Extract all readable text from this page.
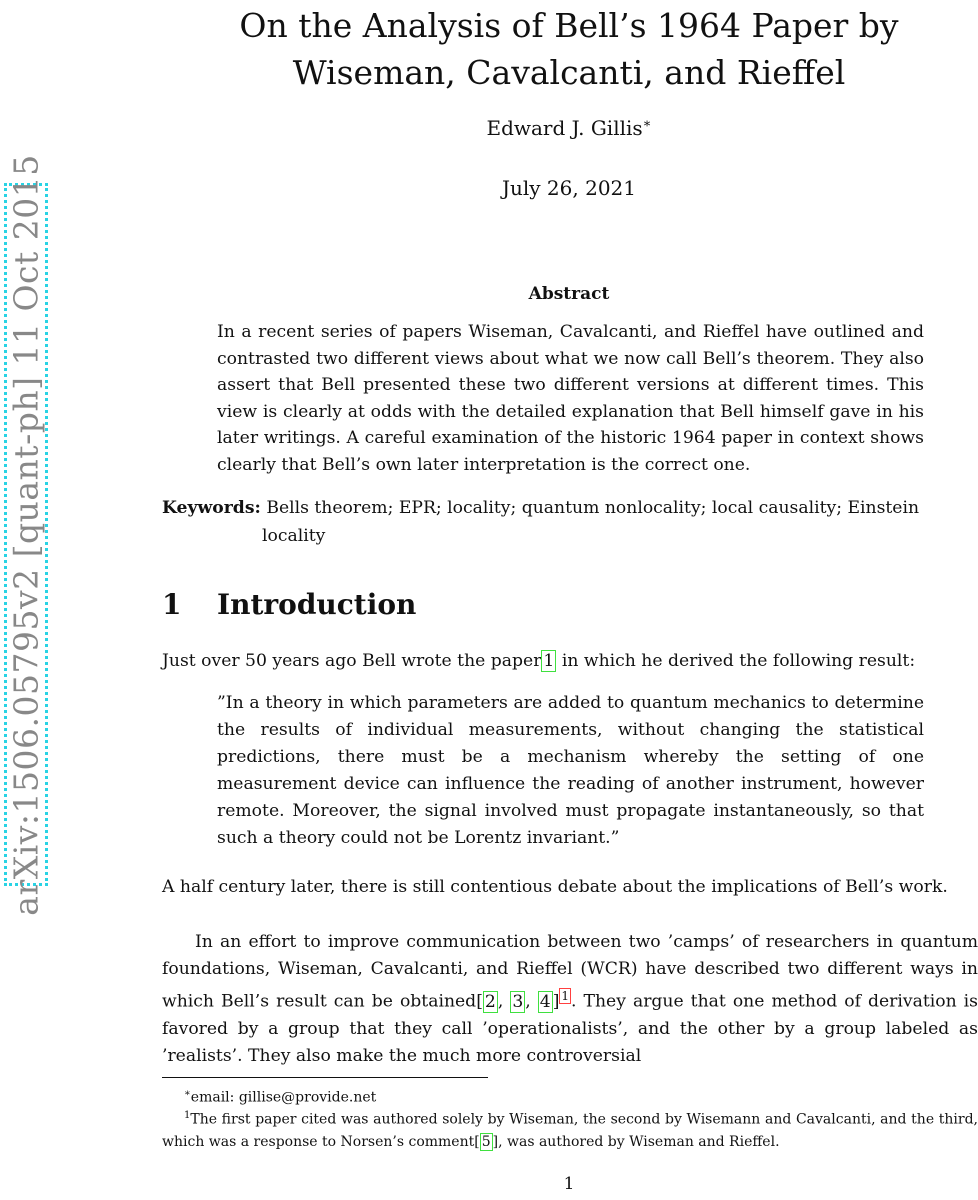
arXiv:1506.05795v2 [quant-ph] 11 Oct 2015
On the Analysis of Bell’s 1964 Paper by Wiseman, Cavalcanti, and Rieffel
Edward J. Gillis∗
July 26, 2021
Abstract

In a recent series of papers Wiseman, Cavalcanti, and Rieffel have outlined and contrasted two different views about what we now call Bell’s theorem. They also assert that Bell presented these two different versions at different times. This view is clearly at odds with the detailed explanation that Bell himself gave in his later writings. A careful examination of the historic 1964 paper in context shows clearly that Bell’s own later interpretation is the correct one.

Keywords: Bells theorem; EPR; locality; quantum nonlocality; local causality; Einstein locality
1 Introduction

Just over 50 years ago Bell wrote the paper 1 in which he derived the following result:

”In a theory in which parameters are added to quantum mechanics to determine the results of individual measurements, without changing the statistical predictions, there must be a mechanism whereby the setting of one measurement device can influence the reading of another instrument, however remote. Moreover, the signal involved must propagate instantaneously, so that such a theory could not be Lorentz invariant.”

A half century later, there is still contentious debate about the implications of Bell’s work.

In an effort to improve communication between two ’camps’ of researchers in quantum foundations, Wiseman, Cavalcanti, and Rieffel (WCR) have described two different ways in which Bell’s result can be obtained[ 2 , 3 , 4 ] $^1$ . They argue that one method of derivation is favored by a group that they call ’operationalists’, and the other by a group labeled as ’realists’. They also make the much more controversial

∗email: gillise@provide.net

$^1$The first paper cited was authored solely by Wiseman, the second by Wisemann and Cavalcanti, and the third, which was a response to Norsen’s comment[ 5 ], was authored by Wiseman and Rieffel.

1
